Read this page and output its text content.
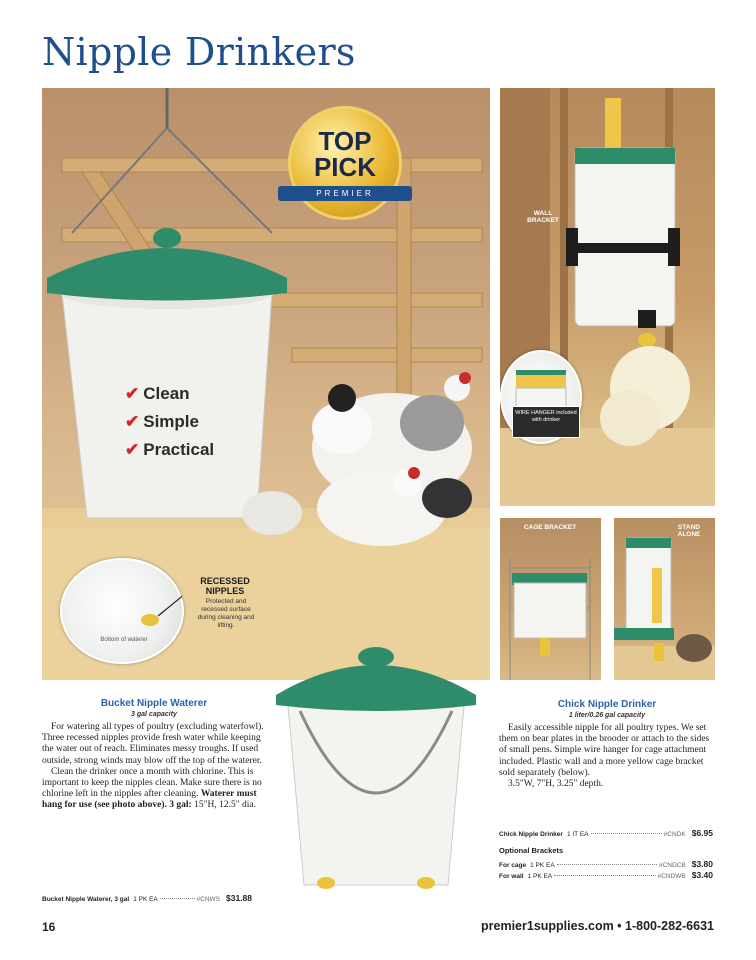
Nipple Drinkers
TOP
PICK
PREMIER
✔ Clean
✔ Simple
✔ Practical
Bottom of waterer
RECESSED
NIPPLES
Protected and recessed surface during cleaning and lifting.
WALL BRACKET
WIRE HANGER included with drinker
CAGE BRACKET	STAND ALONE
Bucket Nipple Waterer
3 gal capacity

For watering all types of poultry (excluding waterfowl). Three recessed nipples provide fresh water while keeping the water out of reach. Eliminates messy troughs. If used outside, strong winds may blow off the top of the waterer.

Clean the drinker once a month with chlorine. This is important to keep the nipples clean. Make sure there is no chlorine left in the nipples after cleaning. Waterer must hang for use (see photo above). 3 gal: 15"H, 12.5" dia.

Bucket Nipple Waterer, 3 gal 1 PK EA	#CNWS $31.88
Chick Nipple Drinker
1 liter/0.26 gal capacity

Easily accessible nipple for all poultry types. We set them on bear plates in the brooder or attach to the sides of small pens. Simple wire hanger for cage attachment included. Plastic wall and a more yellow cage bracket sold separately (below).

3.5"W, 7"H, 3.25" depth.

Chick Nipple Drinker 1 IT EA	#CNDK $6.95
Optional Brackets
For cage 1 PK EA	#CNDCB $3.80
For wall 1 PK EA	#CNDWB $3.40
16	premier1supplies.com • 1-800-282-6631
